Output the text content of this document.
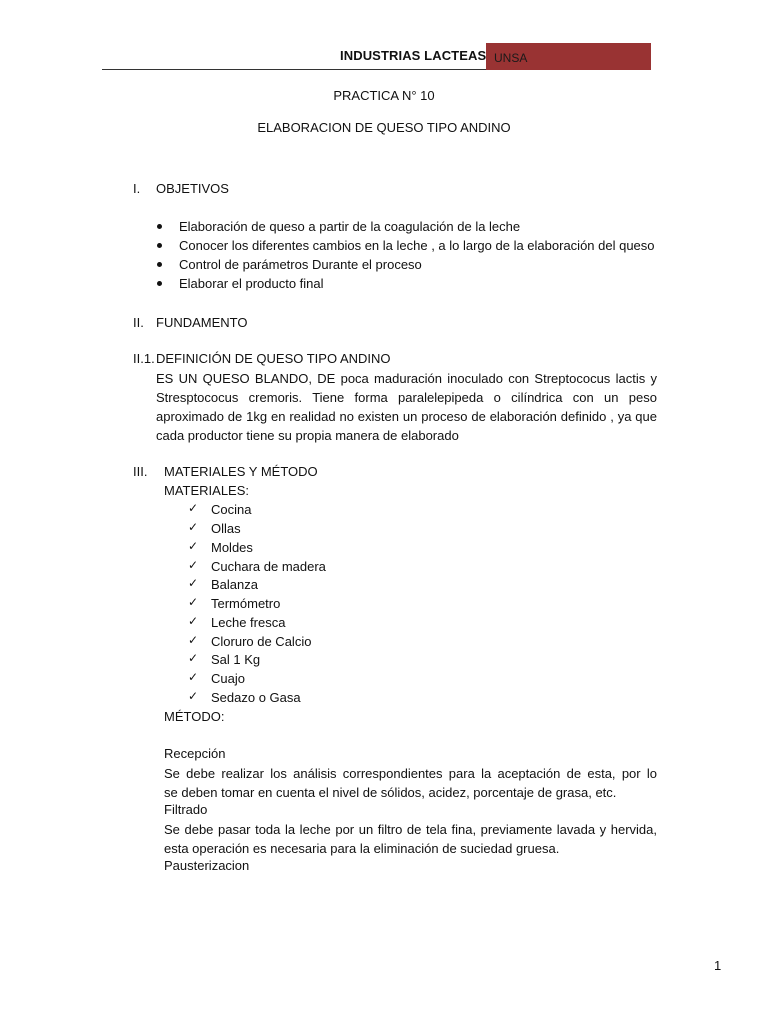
INDUSTRIAS LACTEAS UNSA
PRACTICA N° 10
ELABORACION DE QUESO TIPO ANDINO
I. OBJETIVOS
Elaboración de queso a partir de la coagulación de la leche
Conocer los diferentes cambios en la leche , a lo largo de la elaboración del queso
Control de parámetros Durante el proceso
Elaborar el producto final
II. FUNDAMENTO
II.1. DEFINICIÓN DE QUESO TIPO ANDINO
ES UN QUESO BLANDO, DE poca maduración inoculado con Streptococus lactis y
Stresptococus cremoris. Tiene forma paralelepipeda o cilíndrica con un peso
aproximado de 1kg en realidad no existen un proceso de elaboración definido , ya que
cada productor tiene su propia manera de elaborado
III. MATERIALES Y MÉTODO
MATERIALES:
✓ Cocina
✓ Ollas
✓ Moldes
✓ Cuchara de madera
✓ Balanza
✓ Termómetro
✓ Leche fresca
✓ Cloruro de Calcio
✓ Sal 1 Kg
✓ Cuajo
✓ Sedazo o Gasa
MÉTODO:
Recepción
Se debe realizar los análisis correspondientes para la aceptación de esta, por lo
se deben tomar en cuenta el nivel de sólidos, acidez, porcentaje de grasa, etc.
Filtrado
Se debe pasar toda la leche por un filtro de tela fina, previamente lavada y hervida,
esta operación es necesaria para la eliminación de suciedad gruesa.
Pausterizacion
1
